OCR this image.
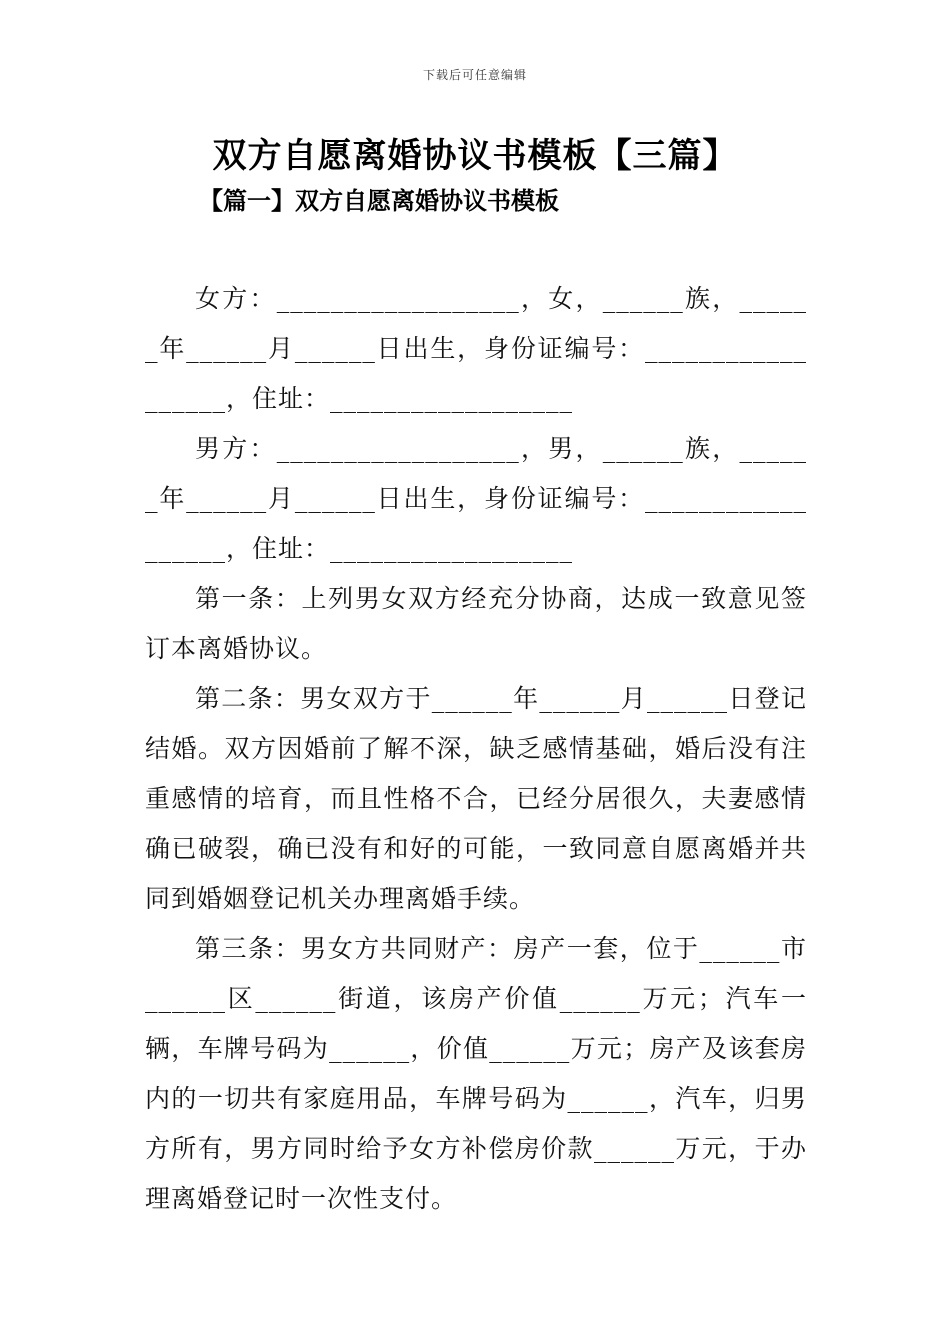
下载后可任意编辑
双方自愿离婚协议书模板【三篇】
【篇一】双方自愿离婚协议书模板

女方：__________________，女，______族，______年______月______日出生，身份证编号：__________________，住址：__________________

男方：__________________，男，______族，______年______月______日出生，身份证编号：__________________，住址：__________________

第一条：上列男女双方经充分协商，达成一致意见签订本离婚协议。

第二条：男女双方于______年______月______日登记结婚。双方因婚前了解不深，缺乏感情基础，婚后没有注重感情的培育，而且性格不合，已经分居很久，夫妻感情确已破裂，确已没有和好的可能，一致同意自愿离婚并共同到婚姻登记机关办理离婚手续。

第三条：男女方共同财产：房产一套，位于______市______区______街道，该房产价值______万元；汽车一辆，车牌号码为______，价值______万元；房产及该套房内的一切共有家庭用品，车牌号码为______，汽车，归男方所有，男方同时给予女方补偿房价款______万元，于办理离婚登记时一次性支付。
